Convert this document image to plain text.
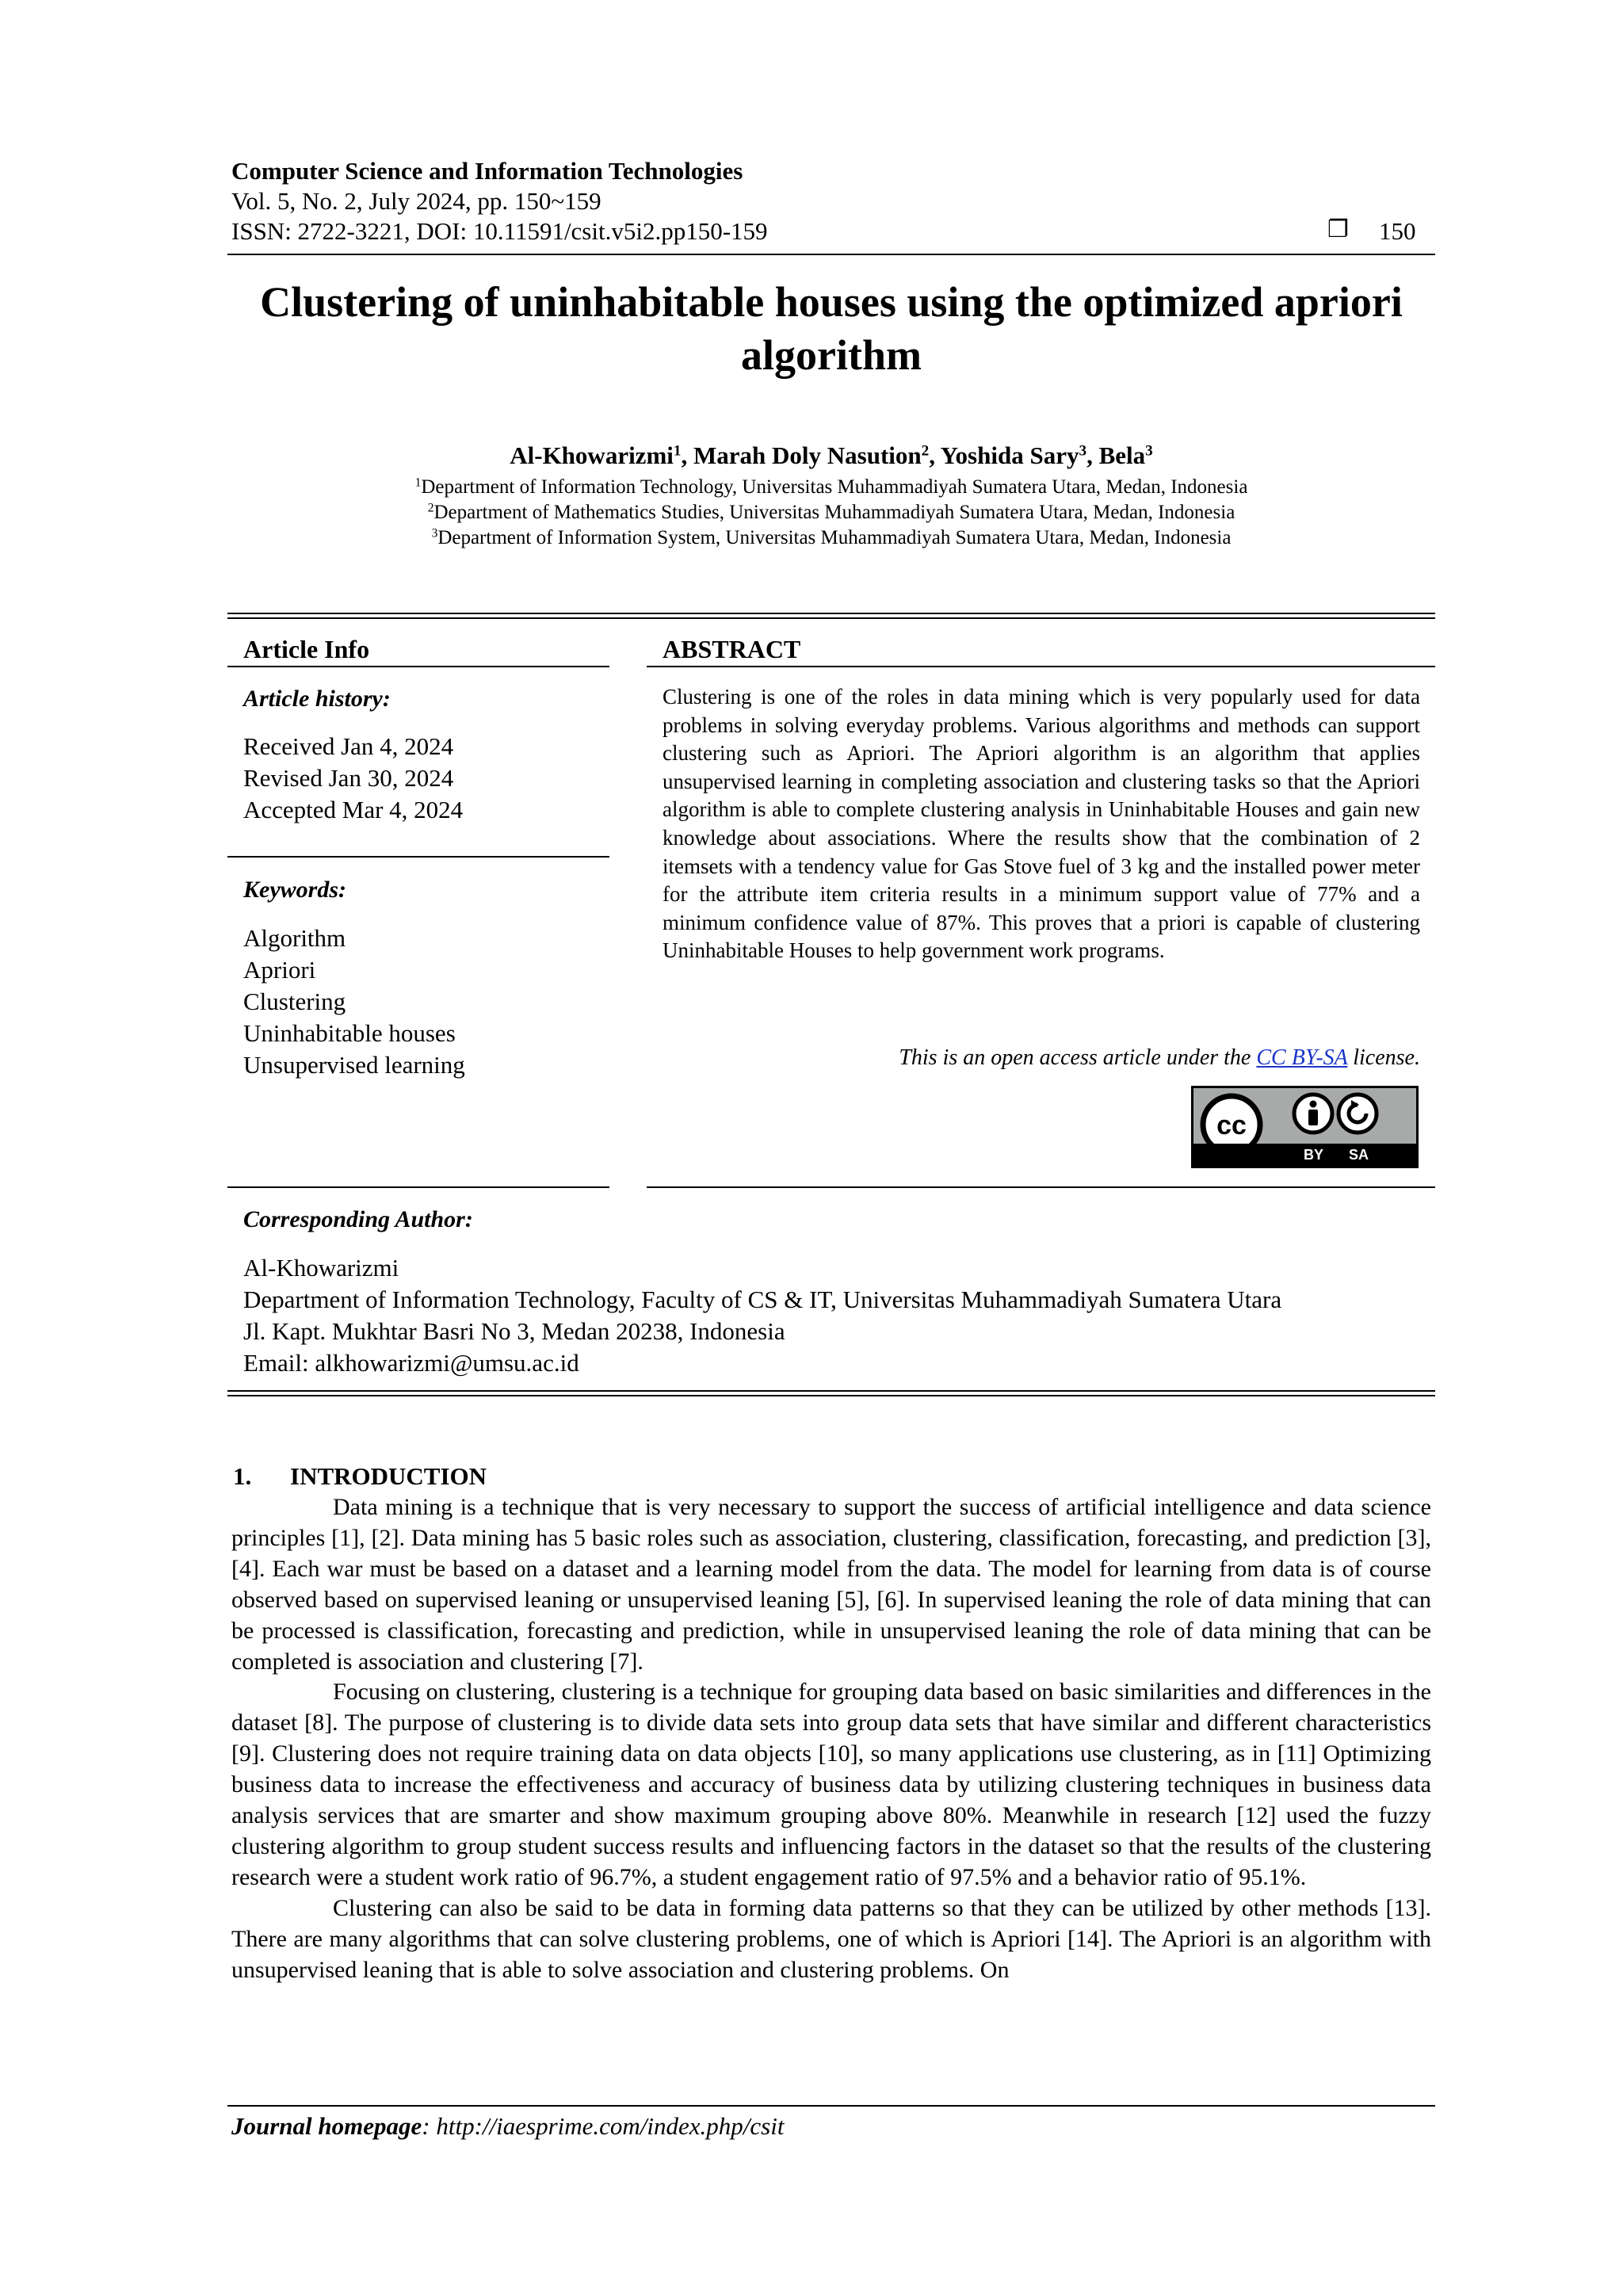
Computer Science and Information Technologies
Vol. 5, No. 2, July 2024, pp. 150~159
ISSN: 2722-3221, DOI: 10.11591/csit.v5i2.pp150-159	❐ 150
Clustering of uninhabitable houses using the optimized apriori
algorithm
Al-Khowarizmi$^1$, Marah Doly Nasution$^2$, Yoshida Sary$^3$, Bela$^3$
$^1$Department of Information Technology, Universitas Muhammadiyah Sumatera Utara, Medan, Indonesia
$^2$Department of Mathematics Studies, Universitas Muhammadiyah Sumatera Utara, Medan, Indonesia
$^3$Department of Information System, Universitas Muhammadiyah Sumatera Utara, Medan, Indonesia
Article Info
Article history:
Received Jan 4, 2024
Revised Jan 30, 2024
Accepted Mar 4, 2024
Keywords:
Algorithm
Apriori
Clustering
Uninhabitable houses
Unsupervised learning
ABSTRACT
Clustering is one of the roles in data mining which is very popularly used for data problems in solving everyday problems. Various algorithms and methods can support clustering such as Apriori. The Apriori algorithm is an algorithm that applies unsupervised learning in completing association and clustering tasks so that the Apriori algorithm is able to complete clustering analysis in Uninhabitable Houses and gain new knowledge about associations. Where the results show that the combination of 2 itemsets with a tendency value for Gas Stove fuel of 3 kg and the installed power meter for the attribute item criteria results in a minimum support value of 77% and a minimum confidence value of 87%. This proves that a priori is capable of clustering Uninhabitable Houses to help government work programs.
This is an open access article under the CC BY-SA license.
cc
BY SA
Corresponding Author:
Al-Khowarizmi
Department of Information Technology, Faculty of CS & IT, Universitas Muhammadiyah Sumatera Utara
Jl. Kapt. Mukhtar Basri No 3, Medan 20238, Indonesia
Email: alkhowarizmi@umsu.ac.id
1. INTRODUCTION
Data mining is a technique that is very necessary to support the success of artificial intelligence and data science principles [1], [2]. Data mining has 5 basic roles such as association, clustering, classification, forecasting, and prediction [3], [4]. Each war must be based on a dataset and a learning model from the data. The model for learning from data is of course observed based on supervised leaning or unsupervised leaning [5], [6]. In supervised leaning the role of data mining that can be processed is classification, forecasting and prediction, while in unsupervised leaning the role of data mining that can be completed is association and clustering [7].
Focusing on clustering, clustering is a technique for grouping data based on basic similarities and differences in the dataset [8]. The purpose of clustering is to divide data sets into group data sets that have similar and different characteristics [9]. Clustering does not require training data on data objects [10], so many applications use clustering, as in [11] Optimizing business data to increase the effectiveness and accuracy of business data by utilizing clustering techniques in business data analysis services that are smarter and show maximum grouping above 80%. Meanwhile in research [12] used the fuzzy clustering algorithm to group student success results and influencing factors in the dataset so that the results of the clustering research were a student work ratio of 96.7%, a student engagement ratio of 97.5% and a behavior ratio of 95.1%.
Clustering can also be said to be data in forming data patterns so that they can be utilized by other methods [13]. There are many algorithms that can solve clustering problems, one of which is Apriori [14]. The Apriori is an algorithm with unsupervised leaning that is able to solve association and clustering problems. On
Journal homepage: http://iaesprime.com/index.php/csit
